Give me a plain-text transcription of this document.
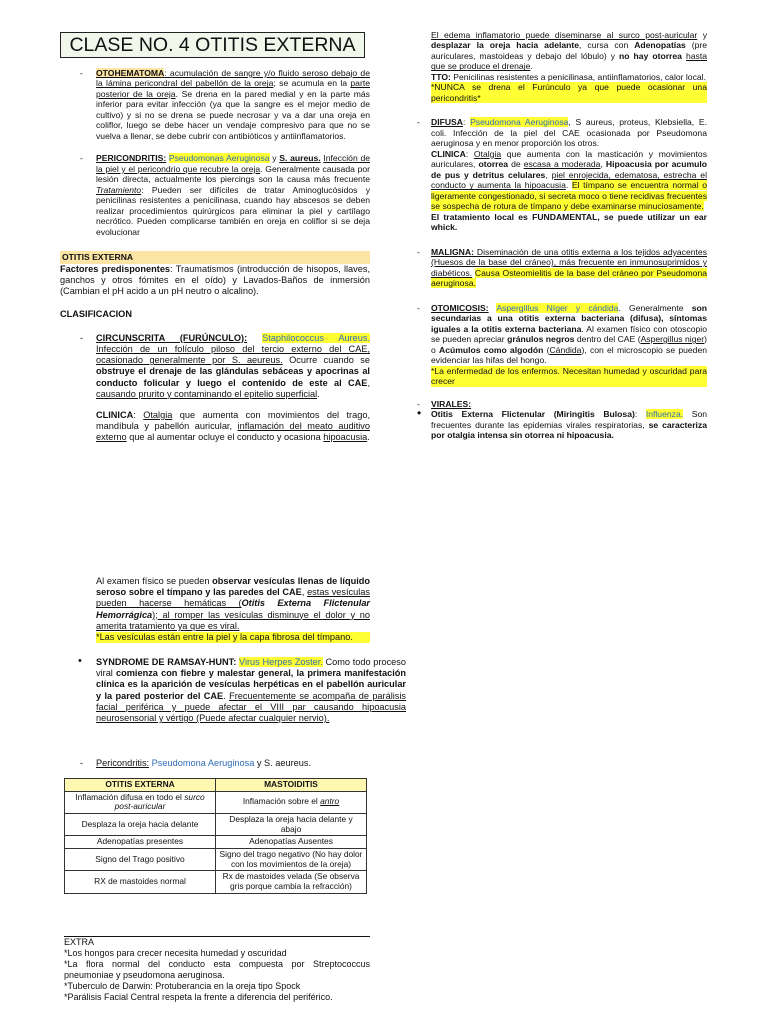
CLASE NO. 4 OTITIS EXTERNA
- OTOHEMATOMA: acumulación de sangre y/o fluido seroso debajo de la lámina pericondral del pabellón de la oreja; se acumula en la parte posterior de la oreja. Se drena en la pared medial y en la parte más inferior para evitar infección (ya que la sangre es el mejor medio de cultivo) y si no se drena se puede necrosar y va a dar una oreja en coliflor, luego se debe hacer un vendaje compresivo para que no se vuelva a llenar, se debe cubrir con antibióticos y antiinflamatorios.
- PERICONDRITIS: Pseudomonas Aeruginosa y S. aureus. Infección de la piel y el pericondrio que recubre la oreja. Generalmente causada por lesión directa, actualmente los piercings son la causa más frecuente Tratamiento: Pueden ser difíciles de tratar Aminoglucósidos y penicilinas resistentes a penicilinasa, cuando hay abscesos se deben realizar procedimientos quirúrgicos para eliminar la piel y cartílago necrótico. Pueden complicarse también en oreja en coliflor si se deja evolucionar
OTITIS EXTERNA
Factores predisponentes: Traumatismos (introducción de hisopos, llaves, ganchos y otros fómites en el oído) y Lavados-Baños de inmersión (Cambian el pH acido a un pH neutro o alcalino).
CLASIFICACION
- CIRCUNSCRITA (FURÚNCULO): Staphilococcus Aureus. Infección de un folículo piloso del tercio externo del CAE, ocasionado generalmente por S. aeureus. Ocurre cuando se obstruye el drenaje de las glándulas sebáceas y apocrinas al conducto folicular y luego el contenido de este al CAE, causando prurito y contaminando el epitelio superficial.
CLINICA: Otalgia que aumenta con movimientos del trago, mandíbula y pabellón auricular, inflamación del meato auditivo externo que al aumentar ocluye el conducto y ocasiona hipoacusia.
Al examen físico se pueden observar vesículas llenas de líquido seroso sobre el tímpano y las paredes del CAE, estas vesículas pueden hacerse hemáticas (Otitis Externa Flictenular Hemorrágica); al romper las vesículas disminuye el dolor y no amerita tratamiento ya que es viral.
*Las vesículas están entre la piel y la capa fibrosa del tímpano.
• SYNDROME DE RAMSAY-HUNT: Virus Herpes Zoster. Como todo proceso viral comienza con fiebre y malestar general, la primera manifestación clínica es la aparición de vesículas herpéticas en el pabellón auricular y la pared posterior del CAE. Frecuentemente se acompaña de parálisis facial periférica y puede afectar el VIII par causando hipoacusia neurosensorial y vértigo (Puede afectar cualquier nervio).
- Pericondritis: Pseudomona Aeruginosa y S. aeureus.
OTITIS EXTERNA	MASTOIDITIS
Inflamación difusa en todo el surco post-auricular	Inflamación sobre el antro
Desplaza la oreja hacia delante	Desplaza la oreja hacia delante y abajo
Adenopatías presentes	Adenopatías Ausentes
Signo del Trago positivo	Signo del trago negativo (No hay dolor con los movimientos de la oreja)
RX de mastoides normal	Rx de mastoides velada (Se observa gris porque cambia la refracción)
EXTRA
*Los hongos para crecer necesita humedad y oscuridad
*La flora normal del conducto esta compuesta por Streptococcus pneumoniae y pseudomona aeruginosa.
*Tuberculo de Darwin: Protuberancia en la oreja tipo Spock
*Parálisis Facial Central respeta la frente a diferencia del periférico.
El edema inflamatorio puede diseminarse al surco post-auricular y desplazar la oreja hacia adelante, cursa con Adenopatías (pre auriculares, mastoideas y debajo del lóbulo) y no hay otorrea hasta que se produce el drenaje.
TTO: Penicilinas resistentes a penicilinasa, antiinflamatorios, calor local.
*NUNCA se drena el Furúnculo ya que puede ocasionar una pericondritis*
- DIFUSA: Pseudomona Aeruginosa, S aureus, proteus, Klebsiella, E. coli. Infección de la piel del CAE ocasionada por Pseudomona aeruginosa y en menor proporción los otros.
CLINICA: Otalgia que aumenta con la masticación y movimientos auriculares, otorrea de escasa a moderada, Hipoacusia por acumulo de pus y detritus celulares, piel enrojecida, edematosa, estrecha el conducto y aumenta la hipoacusia. El tímpano se encuentra normal o ligeramente congestionado, si secreta moco o tiene recidivas frecuentes se sospecha de rotura de tímpano y debe examinarse minuciosamente.
El tratamiento local es FUNDAMENTAL, se puede utilizar un ear whick.
- MALIGNA: Diseminación de una otitis externa a los tejidos adyacentes (Huesos de la base del cráneo), más frecuente en inmunosuprimidos y diabéticos. Causa Osteomielitis de la base del cráneo por Pseudomona aeruginosa.
- OTOMICOSIS: Aspergillus Níger y cándida. Generalmente son secundarias a una otitis externa bacteriana (difusa), síntomas iguales a la otitis externa bacteriana. Al examen físico con otoscopio se pueden apreciar gránulos negros dentro del CAE (Aspergillus niger) o Acúmulos como algodón (Cándida), con el microscopio se pueden evidenciar las hifas del hongo.
*La enfermedad de los enfermos. Necesitan humedad y oscuridad para crecer
- VIRALES:
• Otitis Externa Flictenular (Miringitis Bulosa): Influenza. Son frecuentes durante las epidemias virales respiratorias, se caracteriza por otalgia intensa sin otorrea ni hipoacusia.
